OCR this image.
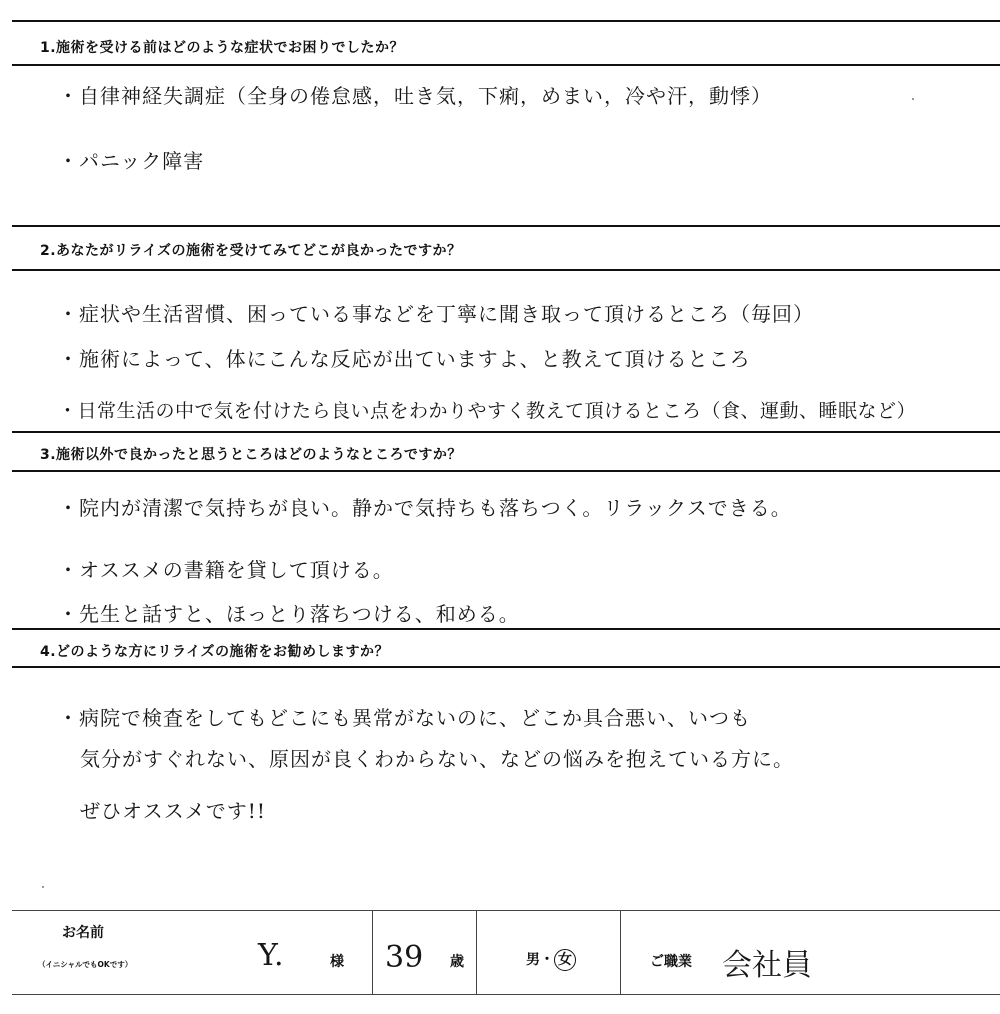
1.施術を受ける前はどのような症状でお困りでしたか？
・自律神経失調症（全身の倦怠感，吐き気，下痢，めまい，冷や汗，動悸）
・パニック障害
2.あなたがリライズの施術を受けてみてどこが良かったですか？
・症状や生活習慣、困っている事などを丁寧に聞き取って頂けるところ（毎回）
・施術によって、体にこんな反応が出ていますよ、と教えて頂けるところ
・日常生活の中で気を付けたら良い点をわかりやすく教えて頂けるところ（食、運動、睡眠など）
3.施術以外で良かったと思うところはどのようなところですか？
・院内が清潔で気持ちが良い。静かで気持ちも落ちつく。リラックスできる。
・オススメの書籍を貸して頂ける。
・先生と話すと、ほっとり落ちつける、和める。
4.どのような方にリライズの施術をお勧めしますか？
・病院で検査をしてもどこにも異常がないのに、どこか具合悪い、いつも
気分がすぐれない、原因が良くわからない、などの悩みを抱えている方に。
ぜひオススメです!!
お名前
（イニシャルでもOKです）	Y.	様 39 歳	男・ 女	ご職業 会社員
